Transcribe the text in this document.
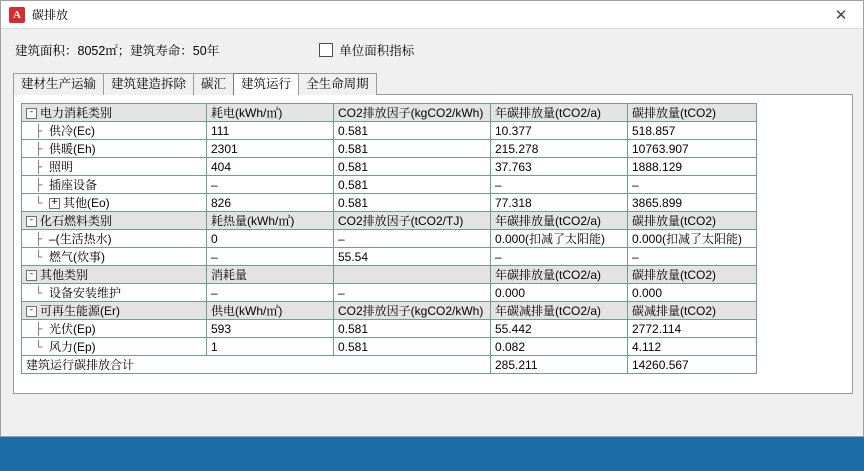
A 碳排放	✕
建筑面积：8052㎡；建筑寿命：50年	单位面积指标
建材生产运输	建筑建造拆除	碳汇	建筑运行	全生命周期
- 电力消耗类别	耗电(kWh/㎡)	CO2排放因子(kgCO2/kWh)	年碳排放量(tCO2/a)	碳排放量(tCO2)
├ 供冷(Ec)	111	0.581	10.377	518.857
├ 供暖(Eh)	2301	0.581	215.278	10763.907
├ 照明	404	0.581	37.763	1888.129
├ 插座设备	–	0.581	–	–
└ + 其他(Eo)	826	0.581	77.318	3865.899
- 化石燃料类别	耗热量(kWh/㎡)	CO2排放因子(tCO2/TJ)	年碳排放量(tCO2/a)	碳排放量(tCO2)
├ –(生活热水)	0	–	0.000(扣减了太阳能)	0.000(扣减了太阳能)
└ 燃气(炊事)	–	55.54	–	–
- 其他类别	消耗量		年碳排放量(tCO2/a)	碳排放量(tCO2)
└ 设备安装维护	–	–	0.000	0.000
- 可再生能源(Er)	供电(kWh/㎡)	CO2排放因子(kgCO2/kWh)	年碳减排量(tCO2/a)	碳减排量(tCO2)
├ 光伏(Ep)	593	0.581	55.442	2772.114
└ 风力(Ep)	1	0.581	0.082	4.112
建筑运行碳排放合计			285.211	14260.567
